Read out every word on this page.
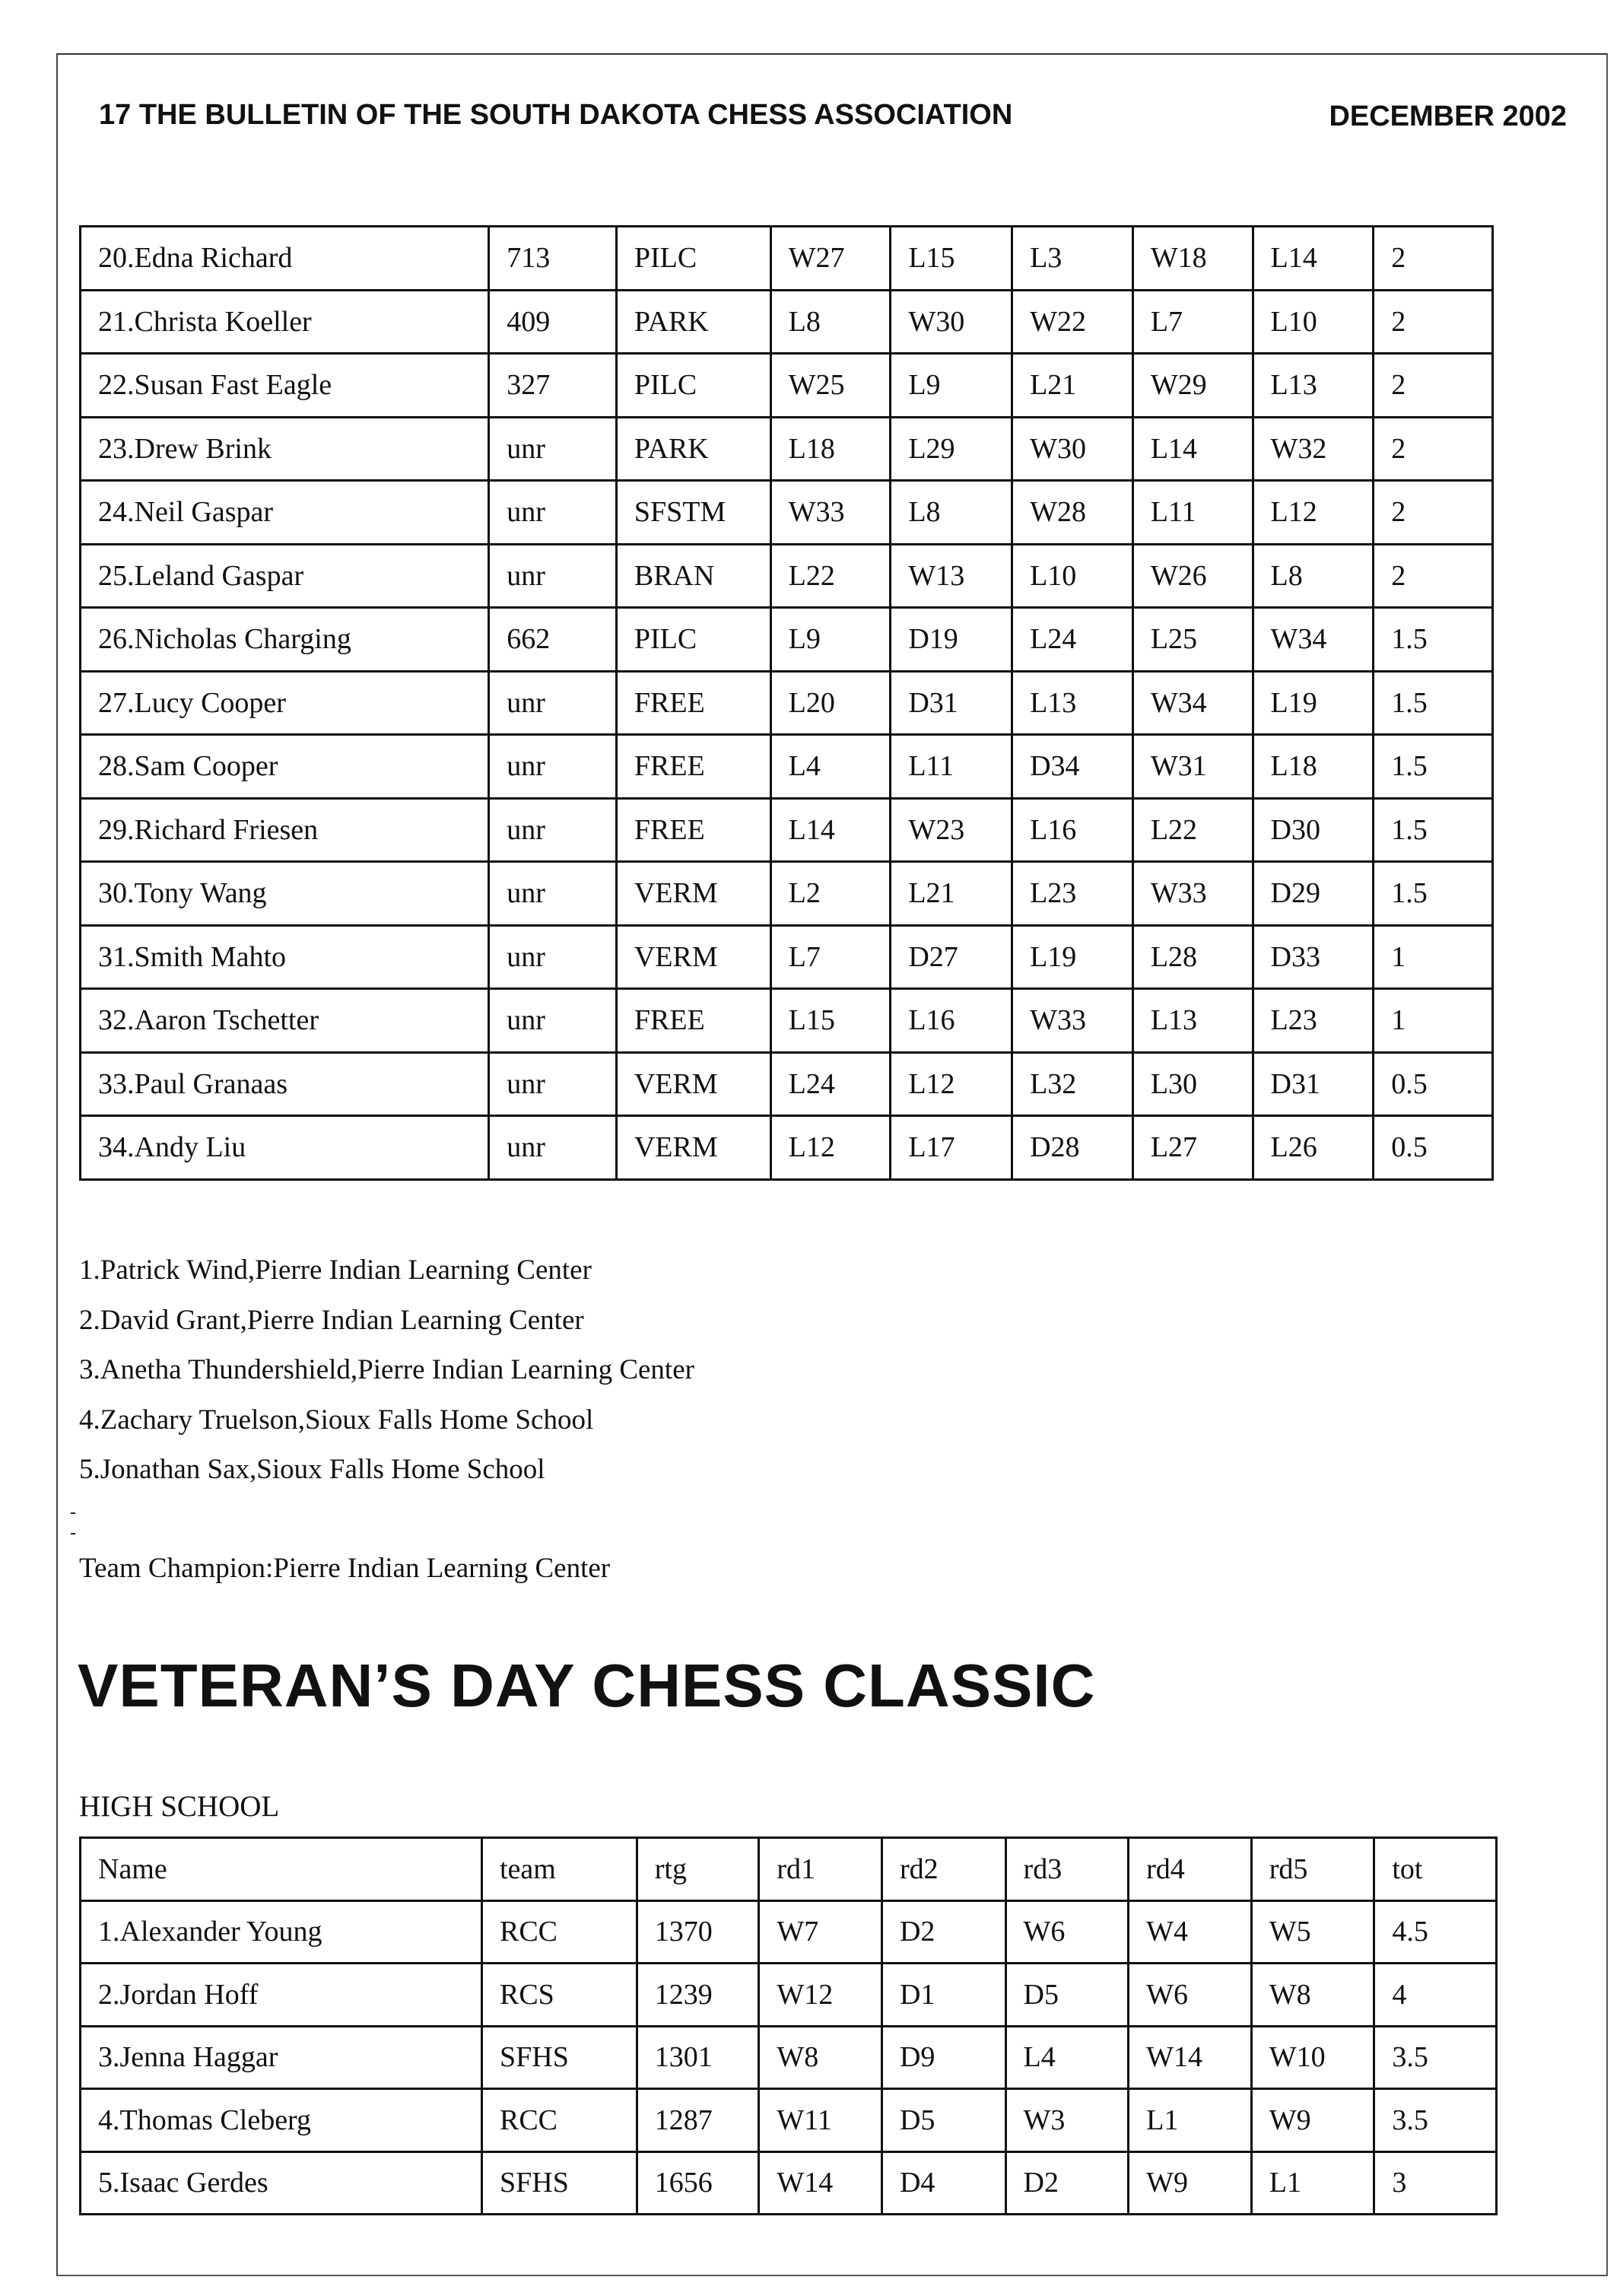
17 THE BULLETIN OF THE SOUTH DAKOTA CHESS ASSOCIATION	DECEMBER 2002
20.Edna Richard	713	PILC	W27	L15	L3	W18	L14	2
21.Christa Koeller	409	PARK	L8	W30	W22	L7	L10	2
22.Susan Fast Eagle	327	PILC	W25	L9	L21	W29	L13	2
23.Drew Brink	unr	PARK	L18	L29	W30	L14	W32	2
24.Neil Gaspar	unr	SFSTM	W33	L8	W28	L11	L12	2
25.Leland Gaspar	unr	BRAN	L22	W13	L10	W26	L8	2
26.Nicholas Charging	662	PILC	L9	D19	L24	L25	W34	1.5
27.Lucy Cooper	unr	FREE	L20	D31	L13	W34	L19	1.5
28.Sam Cooper	unr	FREE	L4	L11	D34	W31	L18	1.5
29.Richard Friesen	unr	FREE	L14	W23	L16	L22	D30	1.5
30.Tony Wang	unr	VERM	L2	L21	L23	W33	D29	1.5
31.Smith Mahto	unr	VERM	L7	D27	L19	L28	D33	1
32.Aaron Tschetter	unr	FREE	L15	L16	W33	L13	L23	1
33.Paul Granaas	unr	VERM	L24	L12	L32	L30	D31	0.5
34.Andy Liu	unr	VERM	L12	L17	D28	L27	L26	0.5
1.Patrick Wind,Pierre Indian Learning Center
2.David Grant,Pierre Indian Learning Center
3.Anetha Thundershield,Pierre Indian Learning Center
4.Zachary Truelson,Sioux Falls Home School
5.Jonathan Sax,Sioux Falls Home School
-
-
Team Champion:Pierre Indian Learning Center
VETERAN’S DAY CHESS CLASSIC
HIGH SCHOOL
Name	team	rtg	rd1	rd2	rd3	rd4	rd5	tot
1.Alexander Young	RCC	1370	W7	D2	W6	W4	W5	4.5
2.Jordan Hoff	RCS	1239	W12	D1	D5	W6	W8	4
3.Jenna Haggar	SFHS	1301	W8	D9	L4	W14	W10	3.5
4.Thomas Cleberg	RCC	1287	W11	D5	W3	L1	W9	3.5
5.Isaac Gerdes	SFHS	1656	W14	D4	D2	W9	L1	3
